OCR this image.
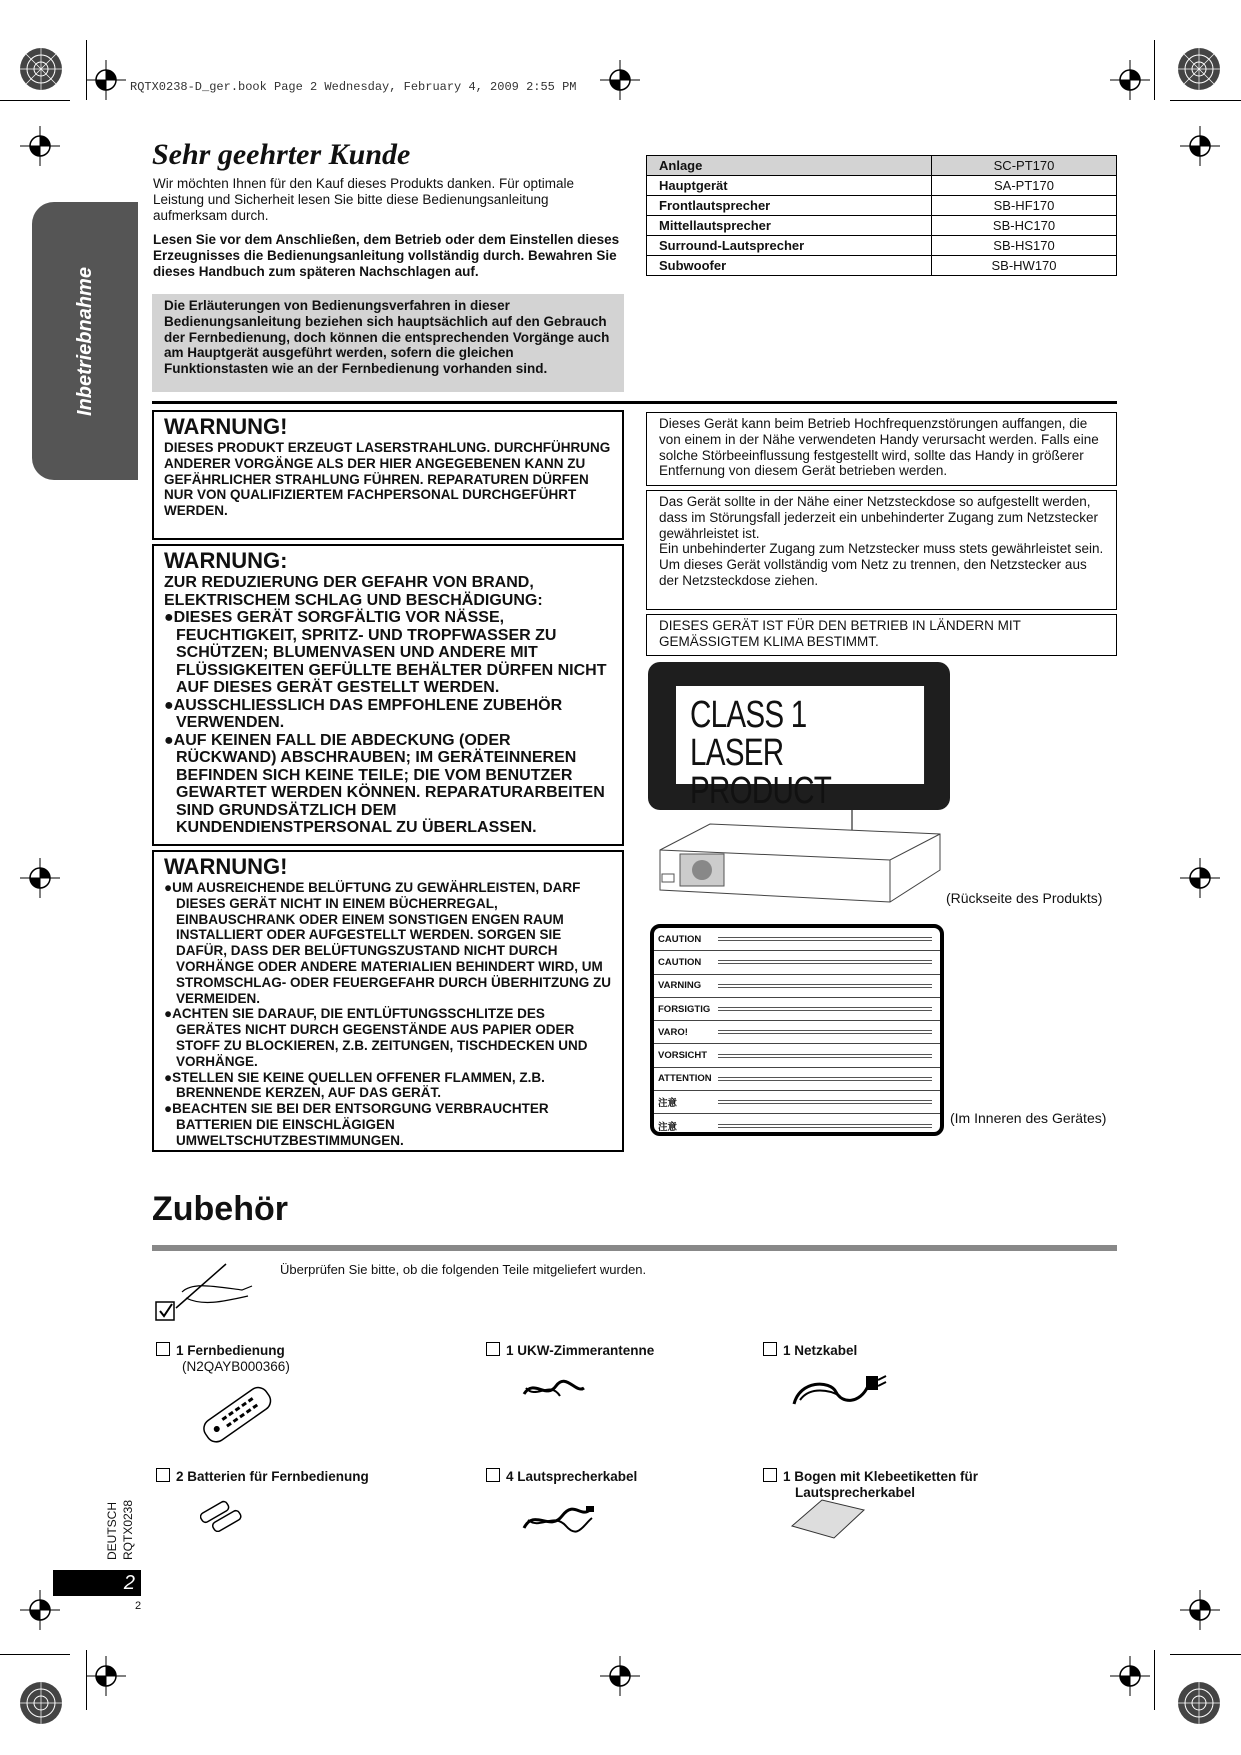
RQTX0238-D_ger.book Page 2 Wednesday, February 4, 2009 2:55 PM
Inbetriebnahme
Sehr geehrter Kunde
Wir möchten Ihnen für den Kauf dieses Produkts danken. Für optimale Leistung und Sicherheit lesen Sie bitte diese Bedienungsanleitung aufmerksam durch.
Lesen Sie vor dem Anschließen, dem Betrieb oder dem Einstellen dieses Erzeugnisses die Bedienungsanleitung vollständig durch. Bewahren Sie dieses Handbuch zum späteren Nachschlagen auf.
Die Erläuterungen von Bedienungsverfahren in dieser Bedienungsanleitung beziehen sich hauptsächlich auf den Gebrauch der Fernbedienung, doch können die entsprechenden Vorgänge auch am Hauptgerät ausgeführt werden, sofern die gleichen Funktionstasten wie an der Fernbedienung vorhanden sind.
Anlage	SC-PT170
Hauptgerät	SA-PT170
Frontlautsprecher	SB-HF170
Mittellautsprecher	SB-HC170
Surround-Lautsprecher	SB-HS170
Subwoofer	SB-HW170
WARNUNG!
DIESES PRODUKT ERZEUGT LASERSTRAHLUNG. DURCHFÜHRUNG ANDERER VORGÄNGE ALS DER HIER ANGEGEBENEN KANN ZU GEFÄHRLICHER STRAHLUNG FÜHREN. REPARATUREN DÜRFEN NUR VON QUALIFIZIERTEM FACHPERSONAL DURCHGEFÜHRT WERDEN.
WARNUNG:
ZUR REDUZIERUNG DER GEFAHR VON BRAND, ELEKTRISCHEM SCHLAG UND BESCHÄDIGUNG:
●DIESES GERÄT SORGFÄLTIG VOR NÄSSE, FEUCHTIGKEIT, SPRITZ- UND TROPFWASSER ZU SCHÜTZEN; BLUMENVASEN UND ANDERE MIT FLÜSSIGKEITEN GEFÜLLTE BEHÄLTER DÜRFEN NICHT AUF DIESES GERÄT GESTELLT WERDEN.
●AUSSCHLIESSLICH DAS EMPFOHLENE ZUBEHÖR VERWENDEN.
●AUF KEINEN FALL DIE ABDECKUNG (ODER RÜCKWAND) ABSCHRAUBEN; IM GERÄTEINNEREN BEFINDEN SICH KEINE TEILE; DIE VOM BENUTZER GEWARTET WERDEN KÖNNEN. REPARATURARBEITEN SIND GRUNDSÄTZLICH DEM KUNDENDIENSTPERSONAL ZU ÜBERLASSEN.
WARNUNG!
●UM AUSREICHENDE BELÜFTUNG ZU GEWÄHRLEISTEN, DARF DIESES GERÄT NICHT IN EINEM BÜCHERREGAL, EINBAUSCHRANK ODER EINEM SONSTIGEN ENGEN RAUM INSTALLIERT ODER AUFGESTELLT WERDEN. SORGEN SIE DAFÜR, DASS DER BELÜFTUNGSZUSTAND NICHT DURCH VORHÄNGE ODER ANDERE MATERIALIEN BEHINDERT WIRD, UM STROMSCHLAG- ODER FEUERGEFAHR DURCH ÜBERHITZUNG ZU VERMEIDEN.
●ACHTEN SIE DARAUF, DIE ENTLÜFTUNGSSCHLITZE DES GERÄTES NICHT DURCH GEGENSTÄNDE AUS PAPIER ODER STOFF ZU BLOCKIEREN, Z.B. ZEITUNGEN, TISCHDECKEN UND VORHÄNGE.
●STELLEN SIE KEINE QUELLEN OFFENER FLAMMEN, Z.B. BRENNENDE KERZEN, AUF DAS GERÄT.
●BEACHTEN SIE BEI DER ENTSORGUNG VERBRAUCHTER BATTERIEN DIE EINSCHLÄGIGEN UMWELTSCHUTZBESTIMMUNGEN.
Dieses Gerät kann beim Betrieb Hochfrequenzstörungen auffangen, die von einem in der Nähe verwendeten Handy verursacht werden. Falls eine solche Störbeeinflussung festgestellt wird, sollte das Handy in größerer Entfernung von diesem Gerät betrieben werden.
Das Gerät sollte in der Nähe einer Netzsteckdose so aufgestellt werden, dass im Störungsfall jederzeit ein unbehinderter Zugang zum Netzstecker gewährleistet ist.
Ein unbehinderter Zugang zum Netzstecker muss stets gewährleistet sein.
Um dieses Gerät vollständig vom Netz zu trennen, den Netzstecker aus der Netzsteckdose ziehen.
DIESES GERÄT IST FÜR DEN BETRIEB IN LÄNDERN MIT GEMÄSSIGTEM KLIMA BESTIMMT.
CLASS 1
LASER PRODUCT
(Rückseite des Produkts)
CAUTION
CAUTION
VARNING
FORSIGTIG
VARO!
VORSICHT
ATTENTION
注意
注意
(Im Inneren des Gerätes)
Zubehör
Überprüfen Sie bitte, ob die folgenden Teile mitgeliefert wurden.
1 Fernbedienung
(N2QAYB000366)
1 UKW-Zimmerantenne	1 Netzkabel
2 Batterien für Fernbedienung	4 Lautsprecherkabel	1 Bogen mit Klebeetiketten für
Lautsprecherkabel
DEUTSCH RQTX0238
2
2
